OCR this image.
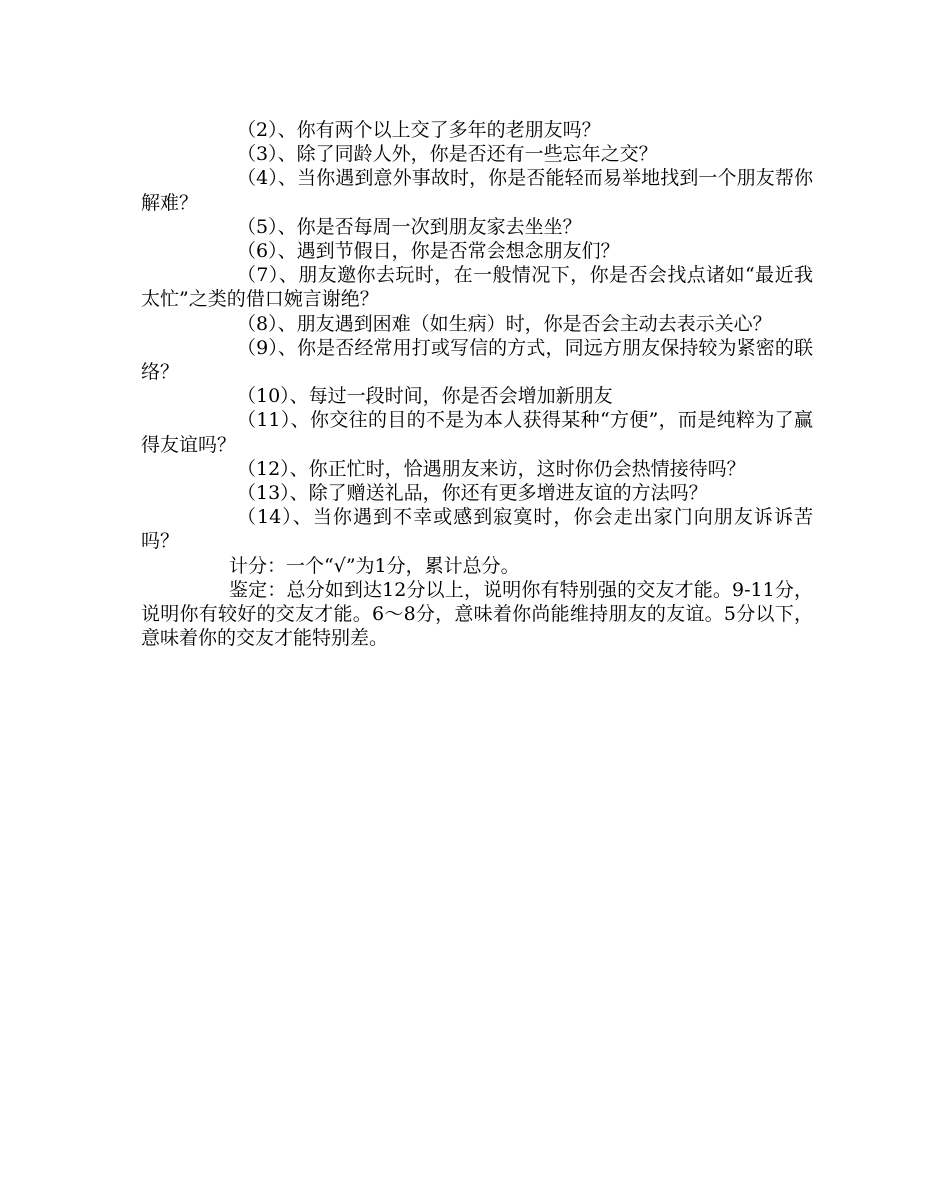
（2）、你有两个以上交了多年的老朋友吗？

（3）、除了同龄人外，你是否还有一些忘年之交？

（4）、当你遇到意外事故时，你是否能轻而易举地找到一个朋友帮你解难？

（5）、你是否每周一次到朋友家去坐坐？

（6）、遇到节假日，你是否常会想念朋友们？

（7）、朋友邀你去玩时，在一般情况下，你是否会找点诸如“最近我太忙”之类的借口婉言谢绝？

（8）、朋友遇到困难（如生病）时，你是否会主动去表示关心？

（9）、你是否经常用打或写信的方式，同远方朋友保持较为紧密的联络？

（10）、每过一段时间，你是否会增加新朋友

（11）、你交往的目的不是为本人获得某种“方便”，而是纯粹为了赢得友谊吗？

（12）、你正忙时，恰遇朋友来访，这时你仍会热情接待吗？

（13）、除了赠送礼品，你还有更多增进友谊的方法吗？

（14）、当你遇到不幸或感到寂寞时，你会走出家门向朋友诉诉苦吗？

计分：一个“√”为1分，累计总分。

鉴定：总分如到达12分以上，说明你有特别强的交友才能。9-11分，说明你有较好的交友才能。6～8分，意味着你尚能维持朋友的友谊。5分以下，意味着你的交友才能特别差。
